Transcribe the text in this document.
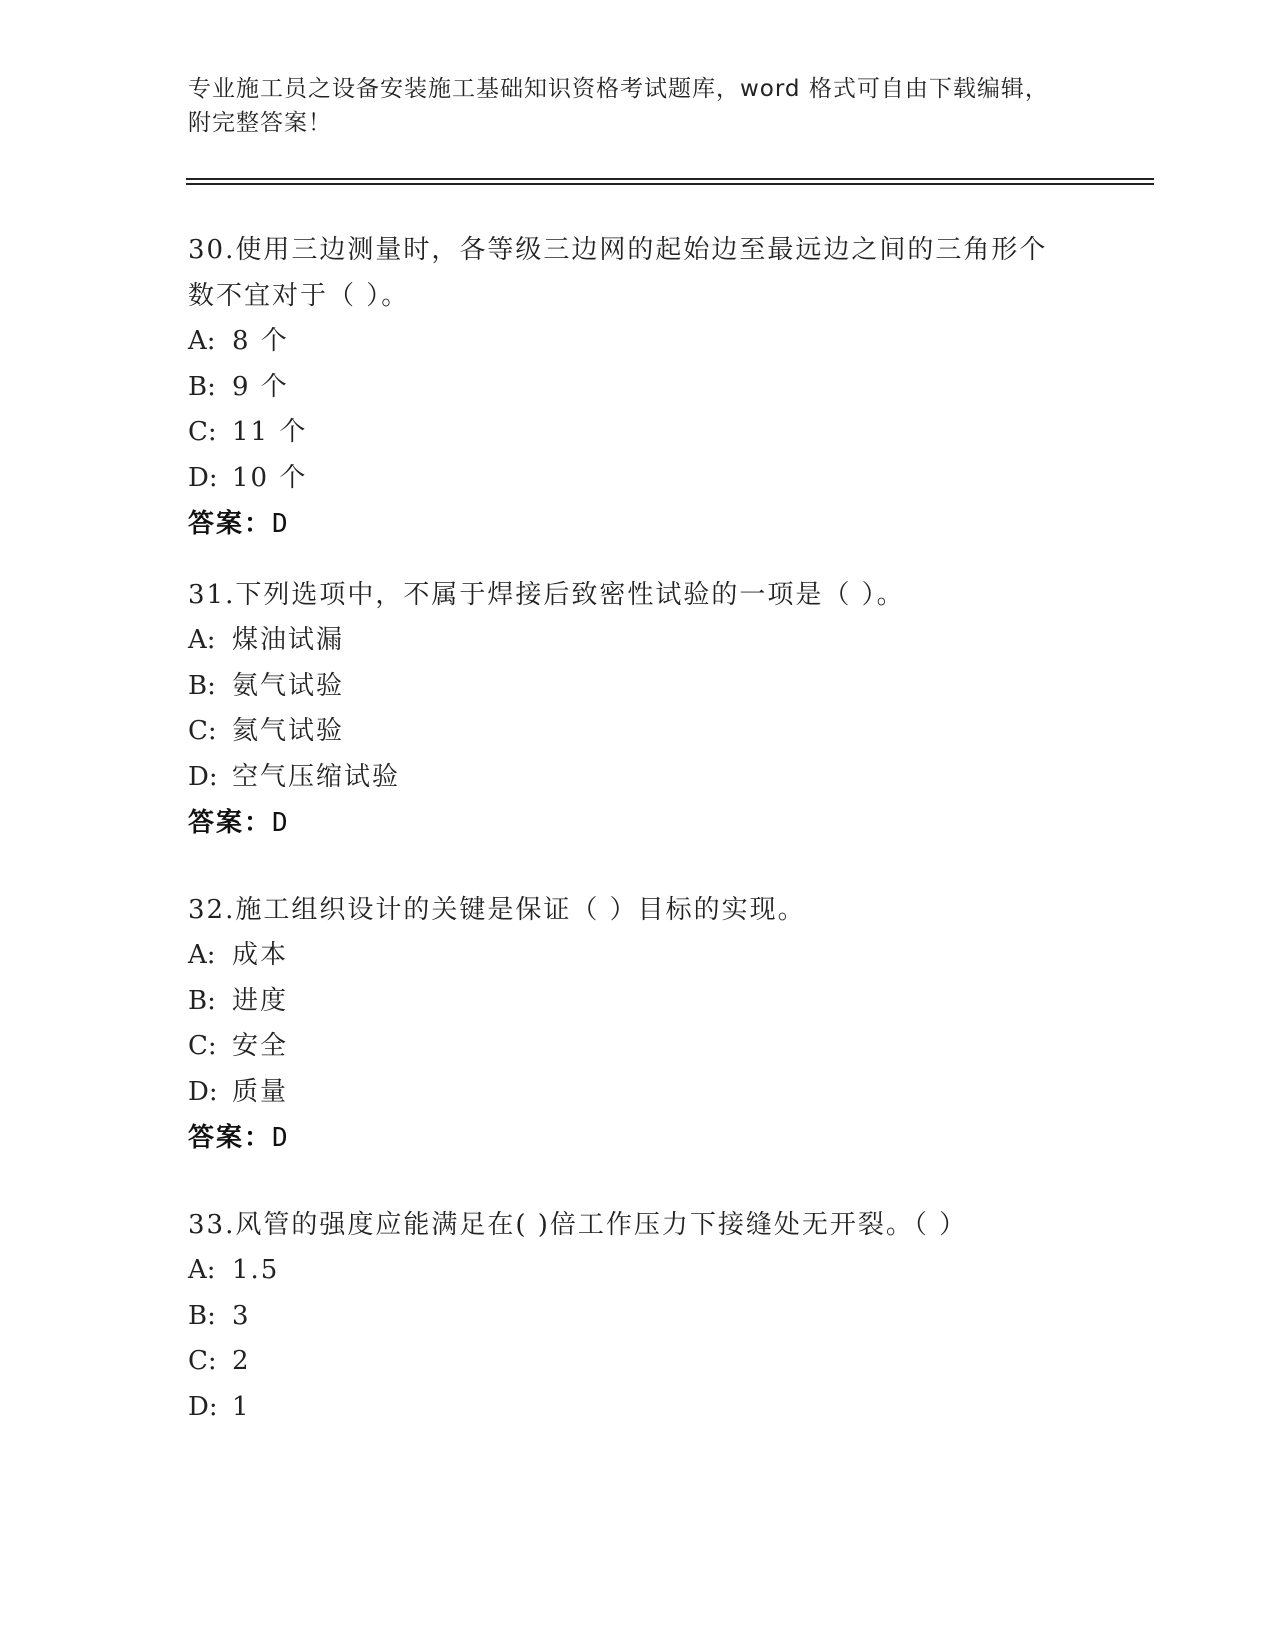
专业施工员之设备安装施工基础知识资格考试题库，word 格式可自由下载编辑，
附完整答案！
30.使用三边测量时，各等级三边网的起始边至最远边之间的三角形个
数不宜对于（ ）。
A: 8 个
B: 9 个
C: 11 个
D: 10 个
答案：D
31.下列选项中，不属于焊接后致密性试验的一项是（ ）。
A: 煤油试漏
B: 氨气试验
C: 氦气试验
D: 空气压缩试验
答案：D
32.施工组织设计的关键是保证（ ）目标的实现。
A: 成本
B: 进度
C: 安全
D: 质量
答案：D
33.风管的强度应能满足在( )倍工作压力下接缝处无开裂。（ ）
A: 1.5
B: 3
C: 2
D: 1
